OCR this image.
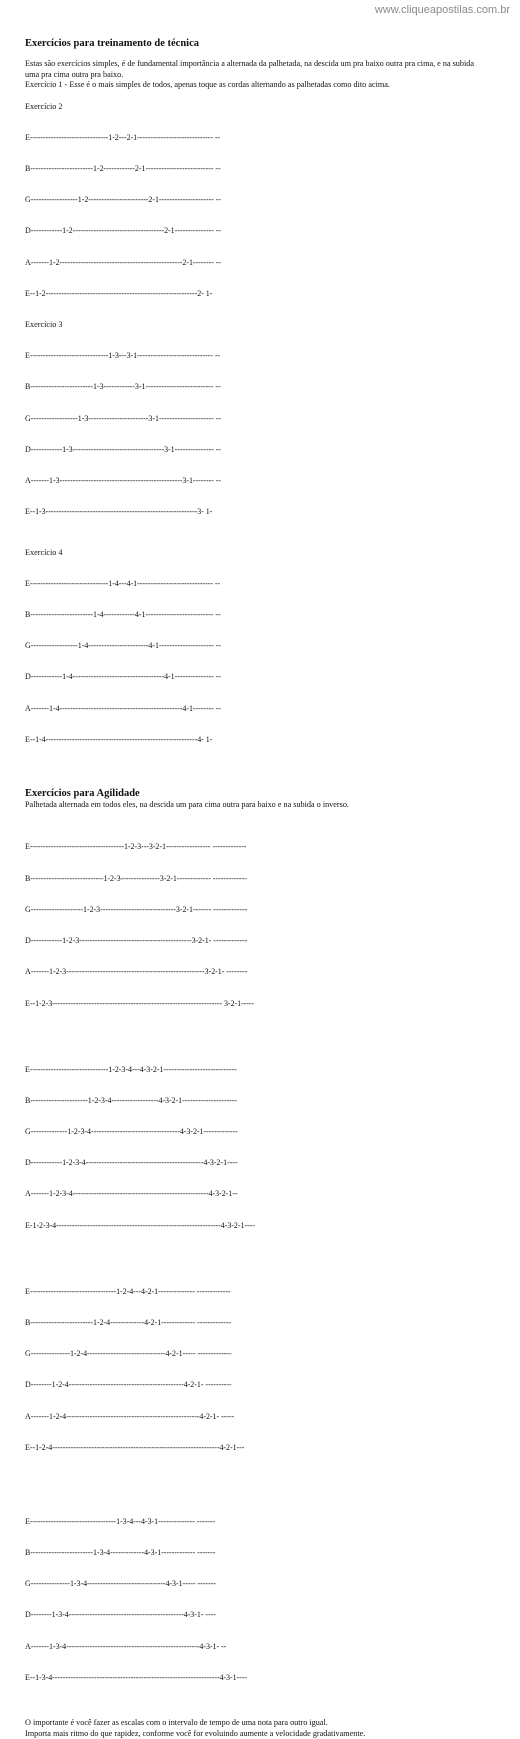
www.cliqueapostilas.com.br
Exercícios para treinamento de técnica

Estas são exercícios simples, é de fundamental importância a alternada da palhetada, na descida um pra baixo outra pra cima, e na subida

uma pra cima outra pra baixo.

Exercício 1 - Esse é o mais simples de todos, apenas toque as cordas alternando as palhetadas como dito acima.

Exercício 2

E------------------------------1-2---2-1----------------------------- --

B------------------------1-2------------2-1-------------------------- --

G------------------1-2-----------------------2-1--------------------- --

D------------1-2-----------------------------------2-1--------------- --

A-------1-2-----------------------------------------------2-1-------- --

E--1-2----------------------------------------------------------2- 1-

Exercício 3

E------------------------------1-3---3-1----------------------------- --

B------------------------1-3------------3-1-------------------------- --

G------------------1-3-----------------------3-1--------------------- --

D------------1-3-----------------------------------3-1--------------- --

A-------1-3-----------------------------------------------3-1-------- --

E--1-3----------------------------------------------------------3- 1-

Exercício 4

E------------------------------1-4---4-1----------------------------- --

B------------------------1-4------------4-1-------------------------- --

G------------------1-4-----------------------4-1--------------------- --

D------------1-4-----------------------------------4-1--------------- --

A-------1-4-----------------------------------------------4-1-------- --

E--1-4----------------------------------------------------------4- 1-

Exercícios para Agilidade

Palhetada alternada em todos eles, na descida um para cima outra para baixo e na subida o inverso.

E------------------------------------1-2-3---3-2-1----------------- -------------

B----------------------------1-2-3---------------3-2-1------------- -------------

G--------------------1-2-3-----------------------------3-2-1------- -------------

D------------1-2-3-------------------------------------------3-2-1- -------------

A-------1-2-3-----------------------------------------------------3-2-1- --------

E--1-2-3----------------------------------------------------------------- 3-2-1-----

E------------------------------1-2-3-4---4-3-2-1----------------------------

B----------------------1-2-3-4------------------4-3-2-1---------------------

G--------------1-2-3-4----------------------------------4-3-2-1-------------

D------------1-2-3-4---------------------------------------------4-3-2-1----

A-------1-2-3-4----------------------------------------------------4-3-2-1--

E-1-2-3-4---------------------------------------------------------------4-3-2-1----

E---------------------------------1-2-4---4-2-1-------------- -------------

B------------------------1-2-4-------------4-2-1------------- -------------

G---------------1-2-4------------------------------4-2-1----- -------------

D--------1-2-4--------------------------------------------4-2-1- ----------

A-------1-2-4---------------------------------------------------4-2-1- -----

E--1-2-4----------------------------------------------------------------4-2-1---

E---------------------------------1-3-4---4-3-1-------------- -------

B------------------------1-3-4-------------4-3-1------------- -------

G---------------1-3-4------------------------------4-3-1----- -------

D--------1-3-4--------------------------------------------4-3-1- ----

A-------1-3-4---------------------------------------------------4-3-1- --

E--1-3-4----------------------------------------------------------------4-3-1----

O importante é você fazer as escalas com o intervalo de tempo de uma nota para outro igual.

Importa mais ritmo do que rapidez, conforme você for evoluindo aumente a velocidade gradativamente.
